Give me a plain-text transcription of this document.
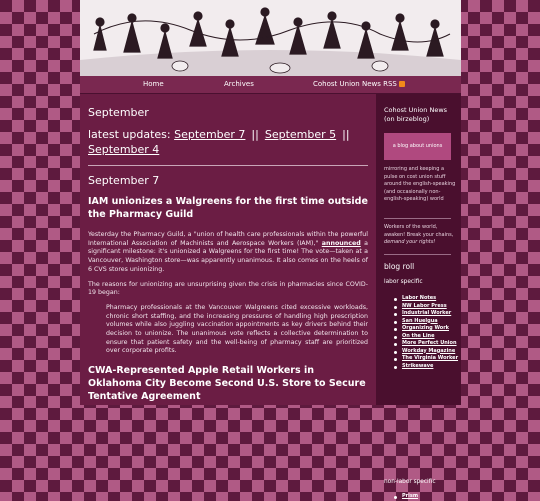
Home	Archives	Cohost Union News RSS
September
latest updates: September 7 || September 5 ||
September 4
September 7
IAM unionizes a Walgreens for the first time outside the Pharmacy Guild

Yesterday the Pharmacy Guild, a "union of health care professionals within the powerful International Association of Machinists and Aerospace Workers (IAM)," announced a significant milestone: it's unionized a Walgreens for the first time! The vote—taken at a Vancouver, Washington store—was apparently unanimous. It also comes on the heels of 6 CVS stores unionizing.

The reasons for unionizing are unsurprising given the crisis in pharmacies since COVID-19 began:

Pharmacy professionals at the Vancouver Walgreens cited excessive workloads, chronic short staffing, and the increasing pressures of handling high prescription volumes while also juggling vaccination appointments as key drivers behind their decision to unionize. The unanimous vote reflects a collective determination to ensure that patient safety and the well-being of pharmacy staff are prioritized over corporate profits.

CWA-Represented Apple Retail Workers in Oklahoma City Become Second U.S. Store to Secure Tentative Agreement
Cohost Union News (on birzeblog)
a blog about unions
mirroring and keeping a pulse on cost union stuff around the english-speaking (and occasionally non-english-speaking) world
Workers of the world, awaken! Break your chains, demand your rights!
blog roll
labor specific
Labor Notes
NW Labor Press
Industrial Worker
San Huelgua
Organizing Work
On the Line
More Perfect Union
Workday Magazine
The Virginia Worker
Strikewave
non-labor specific
Prism
